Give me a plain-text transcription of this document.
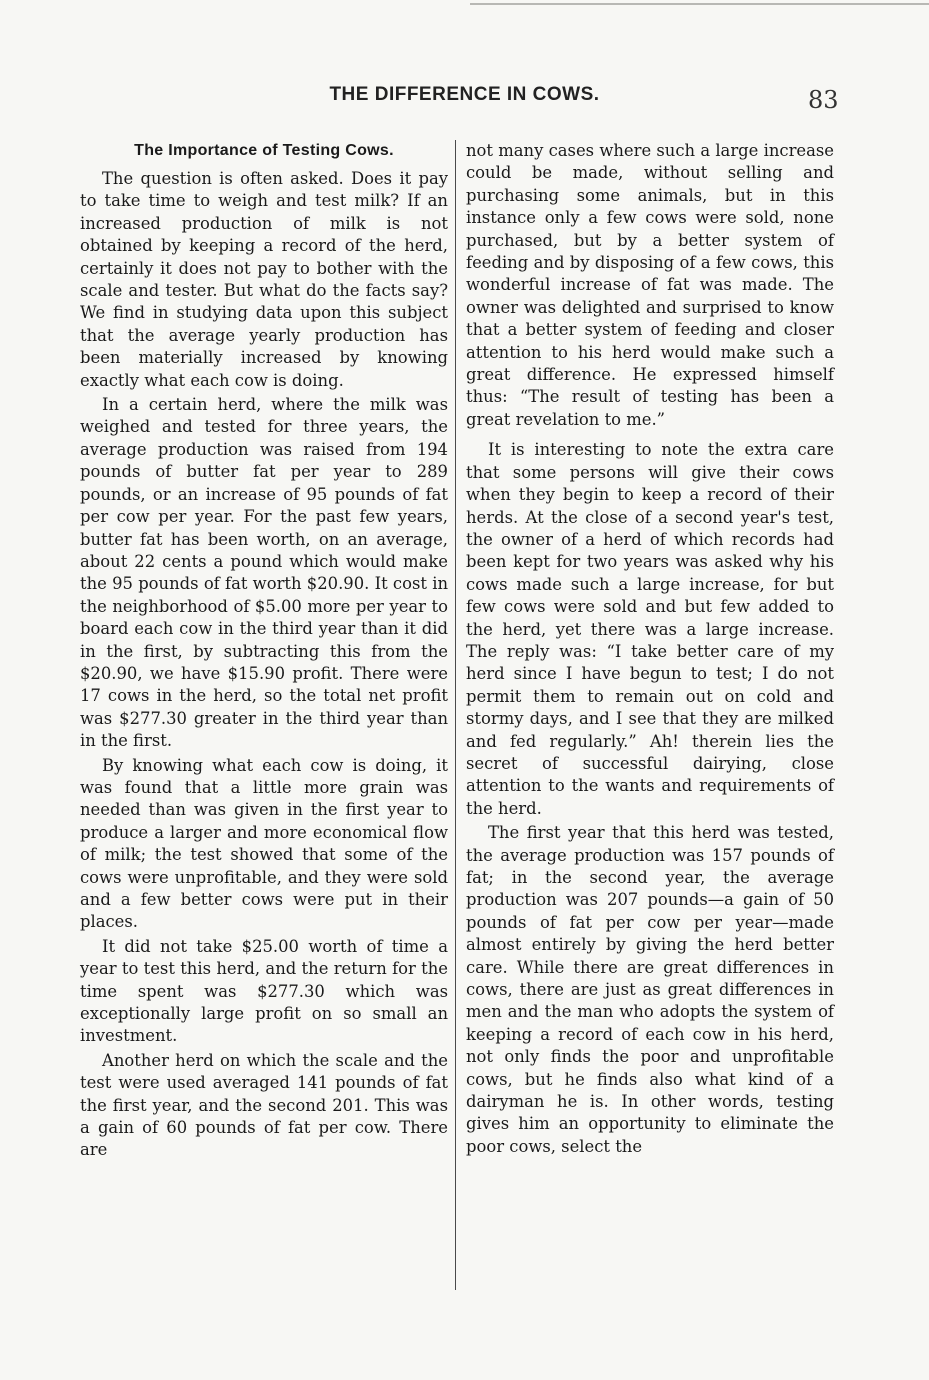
THE DIFFERENCE IN COWS.	83
The Importance of Testing Cows.

The question is often asked. Does it pay to take time to weigh and test milk? If an increased production of milk is not obtained by keeping a record of the herd, certainly it does not pay to bother with the scale and tester. But what do the facts say? We find in studying data upon this subject that the average yearly production has been materially increased by knowing exactly what each cow is doing.

In a certain herd, where the milk was weighed and tested for three years, the average production was raised from 194 pounds of butter fat per year to 289 pounds, or an increase of 95 pounds of fat per cow per year. For the past few years, butter fat has been worth, on an average, about 22 cents a pound which would make the 95 pounds of fat worth $20.90. It cost in the neighborhood of $5.00 more per year to board each cow in the third year than it did in the first, by subtracting this from the $20.90, we have $15.90 profit. There were 17 cows in the herd, so the total net profit was $277.30 greater in the third year than in the first.

By knowing what each cow is doing, it was found that a little more grain was needed than was given in the first year to produce a larger and more economical flow of milk; the test showed that some of the cows were unprofitable, and they were sold and a few better cows were put in their places.

It did not take $25.00 worth of time a year to test this herd, and the return for the time spent was $277.30 which was exceptionally large profit on so small an investment.

Another herd on which the scale and the test were used averaged 141 pounds of fat the first year, and the second 201. This was a gain of 60 pounds of fat per cow. There are

not many cases where such a large increase could be made, without selling and purchasing some animals, but in this instance only a few cows were sold, none purchased, but by a better system of feeding and by disposing of a few cows, this wonderful increase of fat was made. The owner was delighted and surprised to know that a better system of feeding and closer attention to his herd would make such a great difference. He expressed himself thus: “The result of testing has been a great revelation to me.”

It is interesting to note the extra care that some persons will give their cows when they begin to keep a record of their herds. At the close of a second year's test, the owner of a herd of which records had been kept for two years was asked why his cows made such a large increase, for but few cows were sold and but few added to the herd, yet there was a large increase. The reply was: “I take better care of my herd since I have begun to test; I do not permit them to remain out on cold and stormy days, and I see that they are milked and fed regularly.” Ah! therein lies the secret of successful dairying, close attention to the wants and requirements of the herd.

The first year that this herd was tested, the average production was 157 pounds of fat; in the second year, the average production was 207 pounds—a gain of 50 pounds of fat per cow per year—made almost entirely by giving the herd better care. While there are great differences in cows, there are just as great differences in men and the man who adopts the system of keeping a record of each cow in his herd, not only finds the poor and unprofitable cows, but he finds also what kind of a dairyman he is. In other words, testing gives him an opportunity to eliminate the poor cows, select the
